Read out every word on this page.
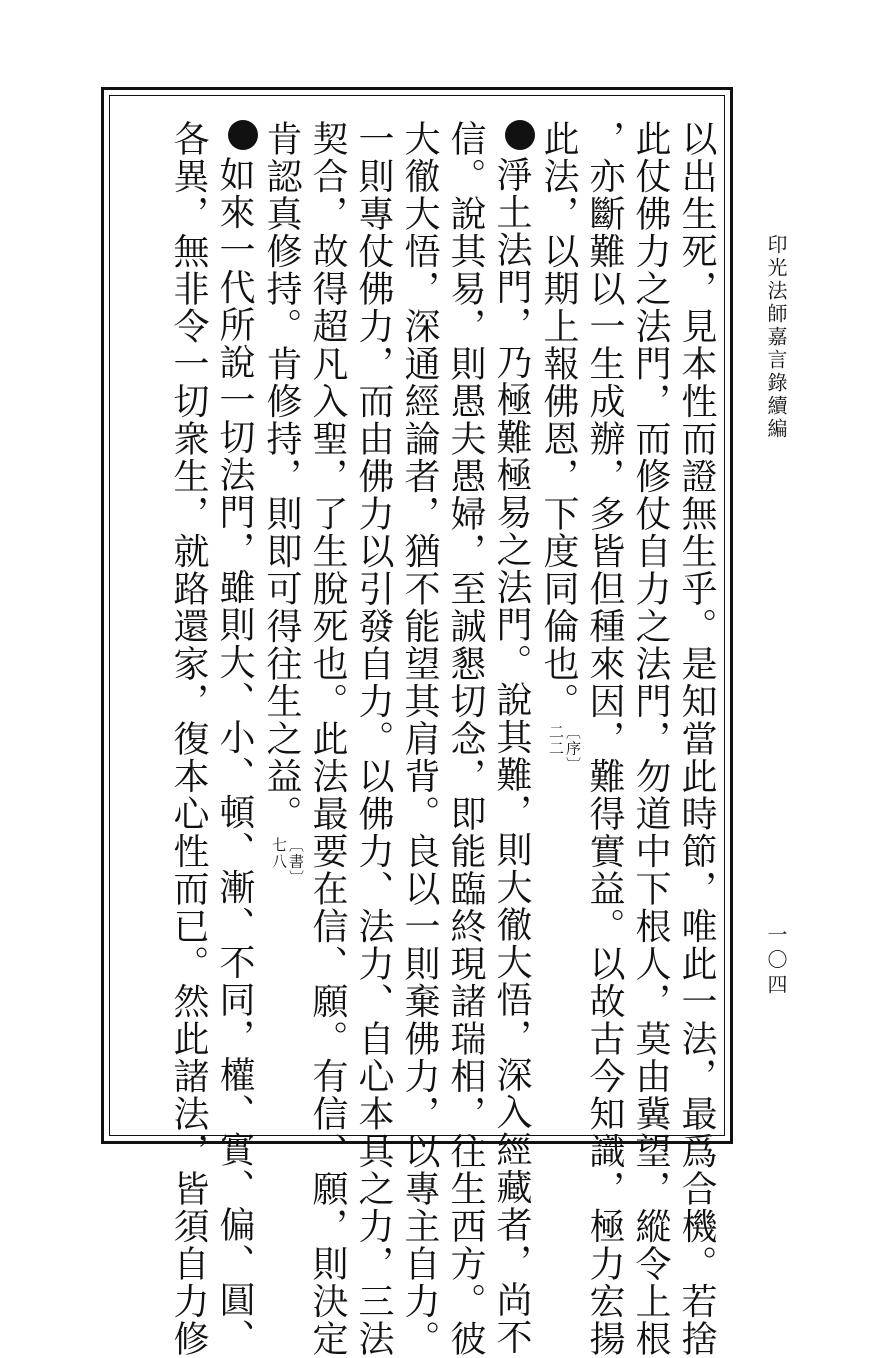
以出生死，見本性而證無生乎。是知當此時節，唯此一法，最爲合機。若捨
此仗佛力之法門，而修仗自力之法門，勿道中下根人，莫由冀望，縱令上根
，亦斷難以一生成辦，多皆但種來因，難得實益。以故古今知識，極力宏揚
此法，以期上報佛恩，下度同倫也。
〔序〕
二二
淨土法門，乃極難極易之法門。說其難，則大徹大悟，深入經藏者，尚不
信。說其易，則愚夫愚婦，至誠懇切念，即能臨終現諸瑞相，往生西方。彼
大徹大悟，深通經論者，猶不能望其肩背。良以一則棄佛力，以專主自力。
一則專仗佛力，而由佛力以引發自力。以佛力、法力、自心本具之力，三法
契合，故得超凡入聖，了生脫死也。此法最要在信、願。有信、願，則決定
肯認真修持。肯修持，則即可得往生之益。
〔書〕
七八
如來一代所說一切法門，雖則大、小、頓、漸、不同，權、實、偏、圓、
各異，無非令一切衆生，就路還家，復本心性而已。然此諸法，皆須自力修	印光法師嘉言錄續編
一〇四
